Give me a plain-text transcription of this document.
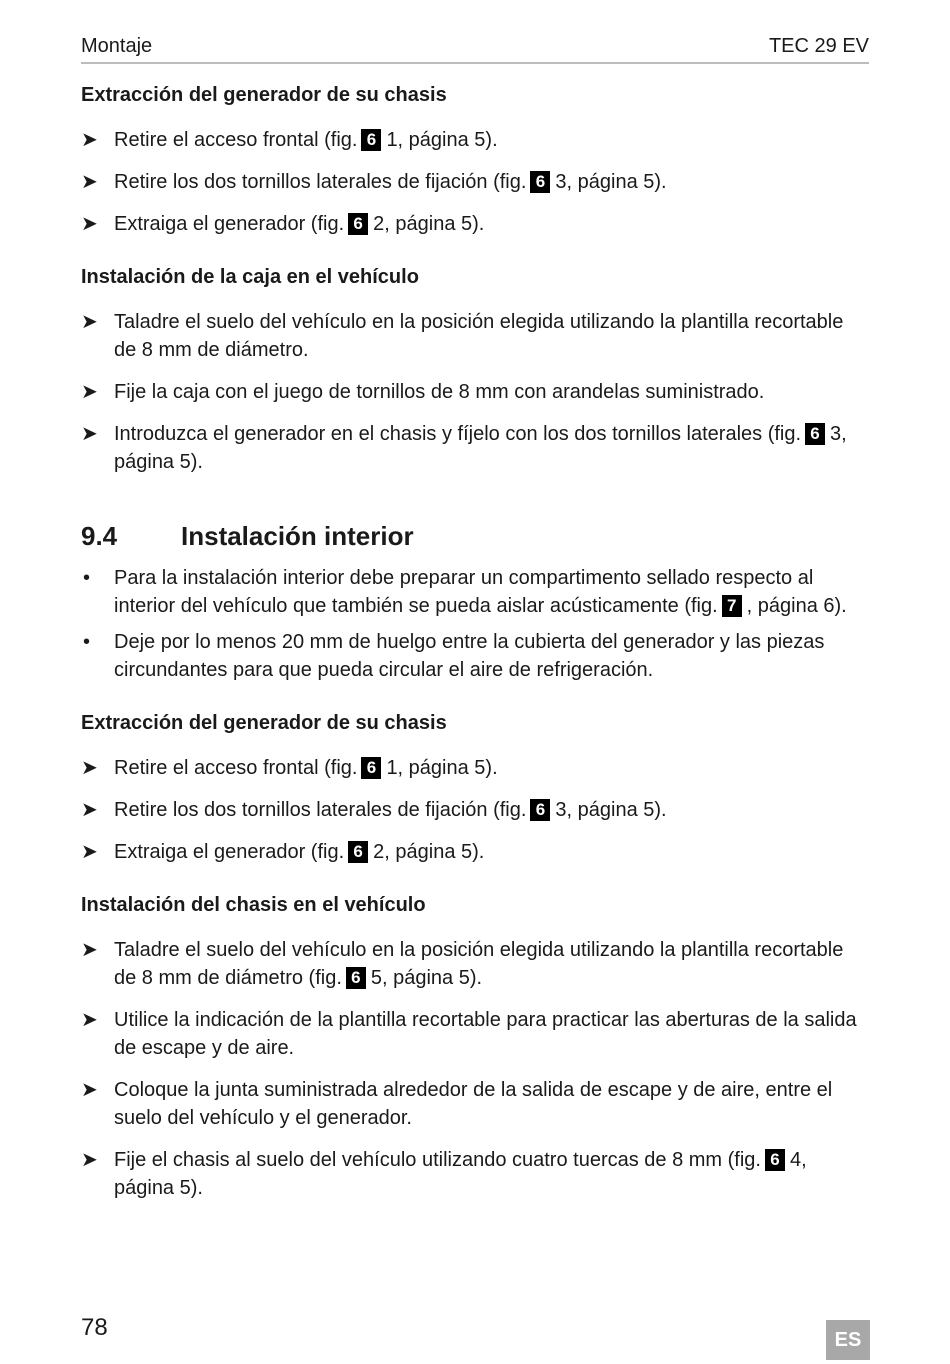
Montaje	TEC 29 EV
Extracción del generador de su chasis
➤ Retire el acceso frontal (fig. 6 1, página 5).
➤ Retire los dos tornillos laterales de fijación (fig. 6 3, página 5).
➤ Extraiga el generador (fig. 6 2, página 5).
Instalación de la caja en el vehículo
➤ Taladre el suelo del vehículo en la posición elegida utilizando la plantilla recortable de 8 mm de diámetro.
➤ Fije la caja con el juego de tornillos de 8 mm con arandelas suministrado.
➤ Introduzca el generador en el chasis y fíjelo con los dos tornillos laterales (fig. 6 3, página 5).
9.4 Instalación interior
• Para la instalación interior debe preparar un compartimento sellado respecto al interior del vehículo que también se pueda aislar acústicamente (fig. 7 , página 6).
• Deje por lo menos 20 mm de huelgo entre la cubierta del generador y las piezas circundantes para que pueda circular el aire de refrigeración.
Extracción del generador de su chasis
➤ Retire el acceso frontal (fig. 6 1, página 5).
➤ Retire los dos tornillos laterales de fijación (fig. 6 3, página 5).
➤ Extraiga el generador (fig. 6 2, página 5).
Instalación del chasis en el vehículo
➤ Taladre el suelo del vehículo en la posición elegida utilizando la plantilla recortable de 8 mm de diámetro (fig. 6 5, página 5).
➤ Utilice la indicación de la plantilla recortable para practicar las aberturas de la salida de escape y de aire.
➤ Coloque la junta suministrada alrededor de la salida de escape y de aire, entre el suelo del vehículo y el generador.
➤ Fije el chasis al suelo del vehículo utilizando cuatro tuercas de 8 mm (fig. 6 4, página 5).
78	ES
